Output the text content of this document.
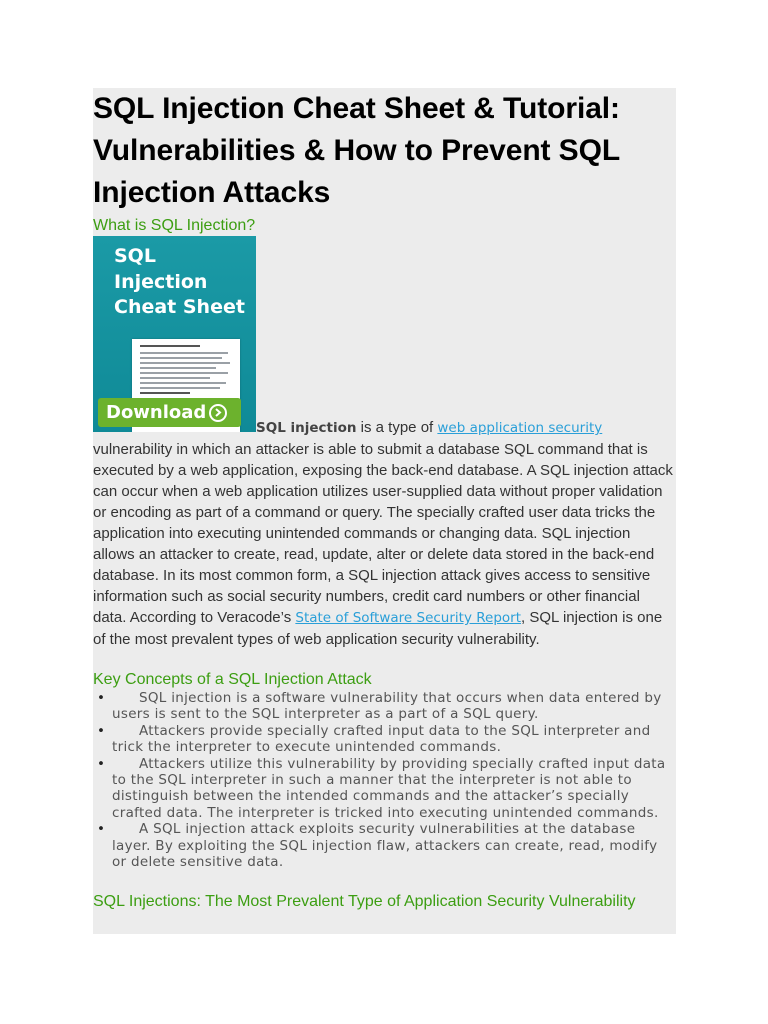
SQL Injection Cheat Sheet & Tutorial: Vulnerabilities & How to Prevent SQL Injection Attacks
What is SQL Injection?

SQL
Injection
Cheat Sheet

Download

SQL injection is a type of web application security vulnerability in which an attacker is able to submit a database SQL command that is executed by a web application, exposing the back-end database. A SQL injection attack can occur when a web application utilizes user-supplied data without proper validation or encoding as part of a command or query. The specially crafted user data tricks the application into executing unintended commands or changing data. SQL injection allows an attacker to create, read, update, alter or delete data stored in the back-end database. In its most common form, a SQL injection attack gives access to sensitive information such as social security numbers, credit card numbers or other financial data. According to Veracode’s State of Software Security Report, SQL injection is one of the most prevalent types of web application security vulnerability.

Key Concepts of a SQL Injection Attack
• SQL injection is a software vulnerability that occurs when data entered by users is sent to the SQL interpreter as a part of a SQL query.
• Attackers provide specially crafted input data to the SQL interpreter and trick the interpreter to execute unintended commands.
• Attackers utilize this vulnerability by providing specially crafted input data to the SQL interpreter in such a manner that the interpreter is not able to distinguish between the intended commands and the attacker’s specially crafted data. The interpreter is tricked into executing unintended commands.
• A SQL injection attack exploits security vulnerabilities at the database layer. By exploiting the SQL injection flaw, attackers can create, read, modify or delete sensitive data.
SQL Injections: The Most Prevalent Type of Application Security Vulnerability
